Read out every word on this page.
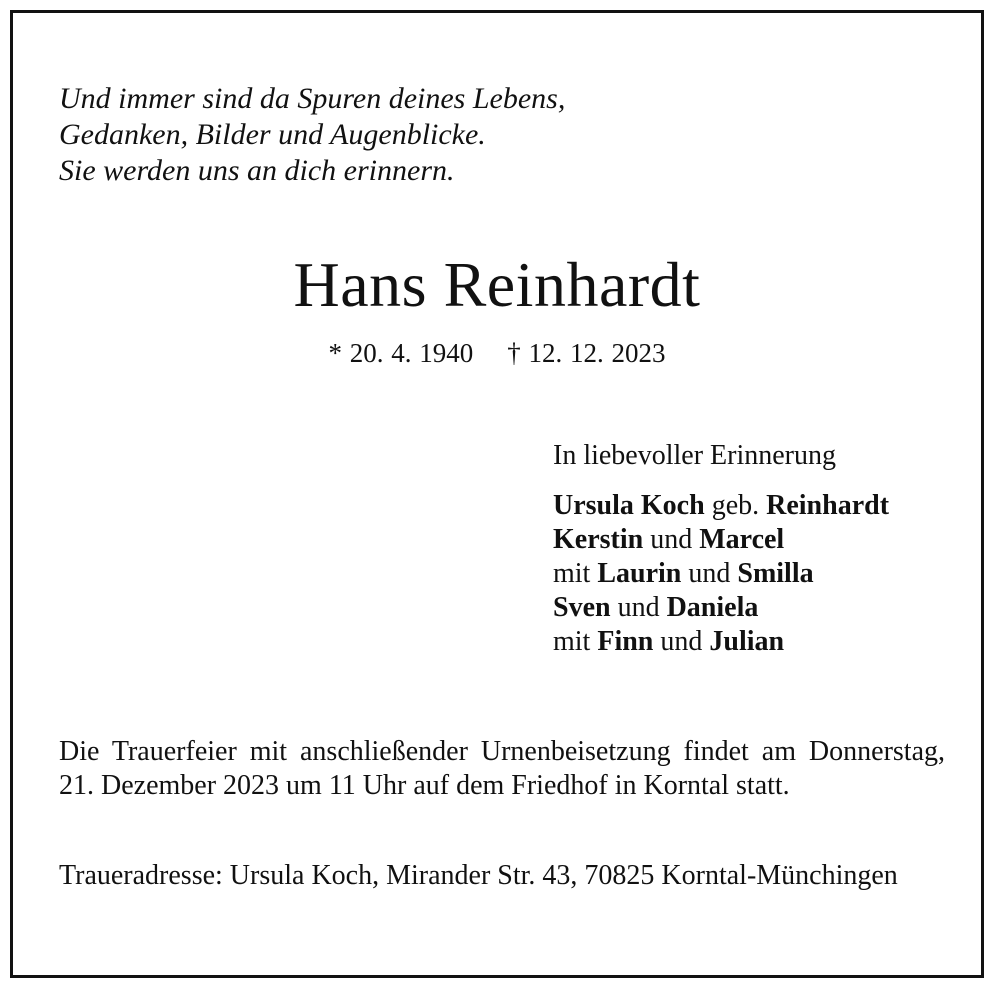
Und immer sind da Spuren deines Lebens,
Gedanken, Bilder und Augenblicke.
Sie werden uns an dich erinnern.
Hans Reinhardt
* 20. 4. 1940 † 12. 12. 2023
In liebevoller Erinnerung
Ursula Koch geb. Reinhardt
Kerstin und Marcel
mit Laurin und Smilla
Sven und Daniela
mit Finn und Julian
Die Trauerfeier mit anschließender Urnenbeisetzung findet am Donnerstag, 21. Dezember 2023 um 11 Uhr auf dem Friedhof in Korntal statt.
Traueradresse: Ursula Koch, Mirander Str. 43, 70825 Korntal-Münchingen
